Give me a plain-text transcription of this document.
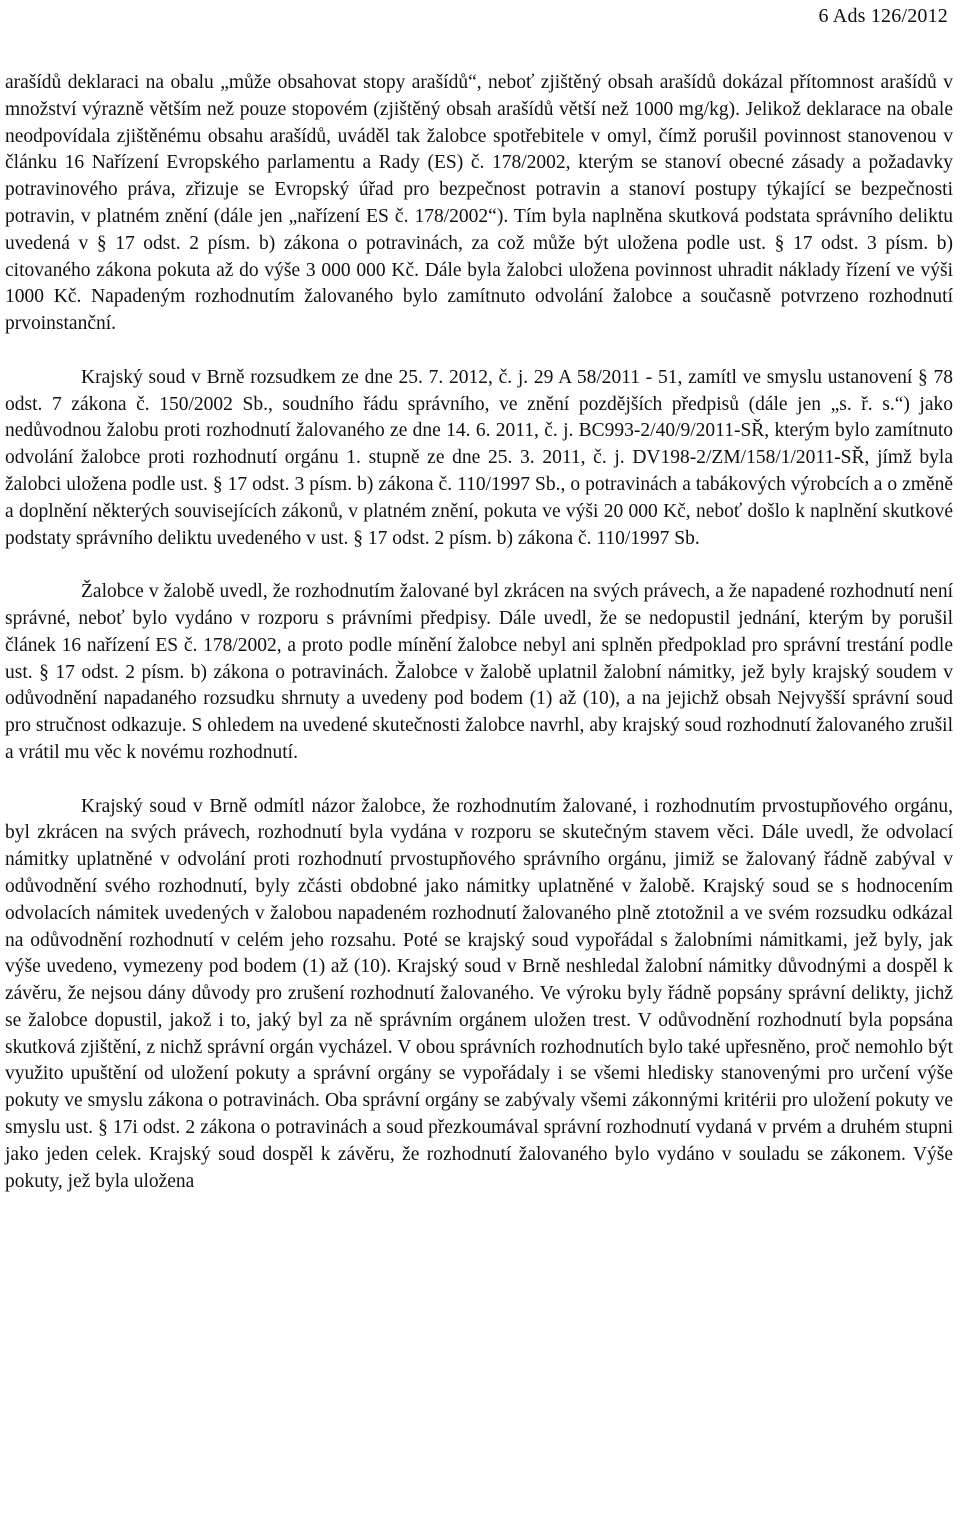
6 Ads 126/2012

arašídů deklaraci na obalu „může obsahovat stopy arašídů“, neboť zjištěný obsah arašídů dokázal přítomnost arašídů v množství výrazně větším než pouze stopovém (zjištěný obsah arašídů větší než 1000 mg/kg). Jelikož deklarace na obale neodpovídala zjištěnému obsahu arašídů, uváděl tak žalobce spotřebitele v omyl, čímž porušil povinnost stanovenou v článku 16 Nařízení Evropského parlamentu a Rady (ES) č. 178/2002, kterým se stanoví obecné zásady a požadavky potravinového práva, zřizuje se Evropský úřad pro bezpečnost potravin a stanoví postupy týkající se bezpečnosti potravin, v platném znění (dále jen „nařízení ES č. 178/2002“). Tím byla naplněna skutková podstata správního deliktu uvedená v § 17 odst. 2 písm. b) zákona o potravinách, za což může být uložena podle ust. § 17 odst. 3 písm. b) citovaného zákona pokuta až do výše 3 000 000 Kč. Dále byla žalobci uložena povinnost uhradit náklady řízení ve výši 1000 Kč. Napadeným rozhodnutím žalovaného bylo zamítnuto odvolání žalobce a současně potvrzeno rozhodnutí prvoinstanční.

Krajský soud v Brně rozsudkem ze dne 25. 7. 2012, č. j. 29 A 58/2011 - 51, zamítl ve smyslu ustanovení § 78 odst. 7 zákona č. 150/2002 Sb., soudního řádu správního, ve znění pozdějších předpisů (dále jen „s. ř. s.“) jako nedůvodnou žalobu proti rozhodnutí žalovaného ze dne 14. 6. 2011, č. j. BC993-2/40/9/2011-SŘ, kterým bylo zamítnuto odvolání žalobce proti rozhodnutí orgánu 1. stupně ze dne 25. 3. 2011, č. j. DV198-2/ZM/158/1/2011-SŘ, jímž byla žalobci uložena podle ust. § 17 odst. 3 písm. b) zákona č. 110/1997 Sb., o potravinách a tabákových výrobcích a o změně a doplnění některých souvisejících zákonů, v platném znění, pokuta ve výši 20 000 Kč, neboť došlo k naplnění skutkové podstaty správního deliktu uvedeného v ust. § 17 odst. 2 písm. b) zákona č. 110/1997 Sb.

Žalobce v žalobě uvedl, že rozhodnutím žalované byl zkrácen na svých právech, a že napadené rozhodnutí není správné, neboť bylo vydáno v rozporu s právními předpisy. Dále uvedl, že se nedopustil jednání, kterým by porušil článek 16 nařízení ES č. 178/2002, a proto podle mínění žalobce nebyl ani splněn předpoklad pro správní trestání podle ust. § 17 odst. 2 písm. b) zákona o potravinách. Žalobce v žalobě uplatnil žalobní námitky, jež byly krajský soudem v odůvodnění napadaného rozsudku shrnuty a uvedeny pod bodem (1) až (10), a na jejichž obsah Nejvyšší správní soud pro stručnost odkazuje. S ohledem na uvedené skutečnosti žalobce navrhl, aby krajský soud rozhodnutí žalovaného zrušil a vrátil mu věc k novému rozhodnutí.

Krajský soud v Brně odmítl názor žalobce, že rozhodnutím žalované, i rozhodnutím prvostupňového orgánu, byl zkrácen na svých právech, rozhodnutí byla vydána v rozporu se skutečným stavem věci. Dále uvedl, že odvolací námitky uplatněné v odvolání proti rozhodnutí prvostupňového správního orgánu, jimiž se žalovaný řádně zabýval v odůvodnění svého rozhodnutí, byly zčásti obdobné jako námitky uplatněné v žalobě. Krajský soud se s hodnocením odvolacích námitek uvedených v žalobou napadeném rozhodnutí žalovaného plně ztotožnil a ve svém rozsudku odkázal na odůvodnění rozhodnutí v celém jeho rozsahu. Poté se krajský soud vypořádal s žalobními námitkami, jež byly, jak výše uvedeno, vymezeny pod bodem (1) až (10). Krajský soud v Brně neshledal žalobní námitky důvodnými a dospěl k závěru, že nejsou dány důvody pro zrušení rozhodnutí žalovaného. Ve výroku byly řádně popsány správní delikty, jichž se žalobce dopustil, jakož i to, jaký byl za ně správním orgánem uložen trest. V odůvodnění rozhodnutí byla popsána skutková zjištění, z nichž správní orgán vycházel. V obou správních rozhodnutích bylo také upřesněno, proč nemohlo být využito upuštění od uložení pokuty a správní orgány se vypořádaly i se všemi hledisky stanovenými pro určení výše pokuty ve smyslu zákona o potravinách. Oba správní orgány se zabývaly všemi zákonnými kritérii pro uložení pokuty ve smyslu ust. § 17i odst. 2 zákona o potravinách a soud přezkoumával správní rozhodnutí vydaná v prvém a druhém stupni jako jeden celek. Krajský soud dospěl k závěru, že rozhodnutí žalovaného bylo vydáno v souladu se zákonem. Výše pokuty, jež byla uložena
